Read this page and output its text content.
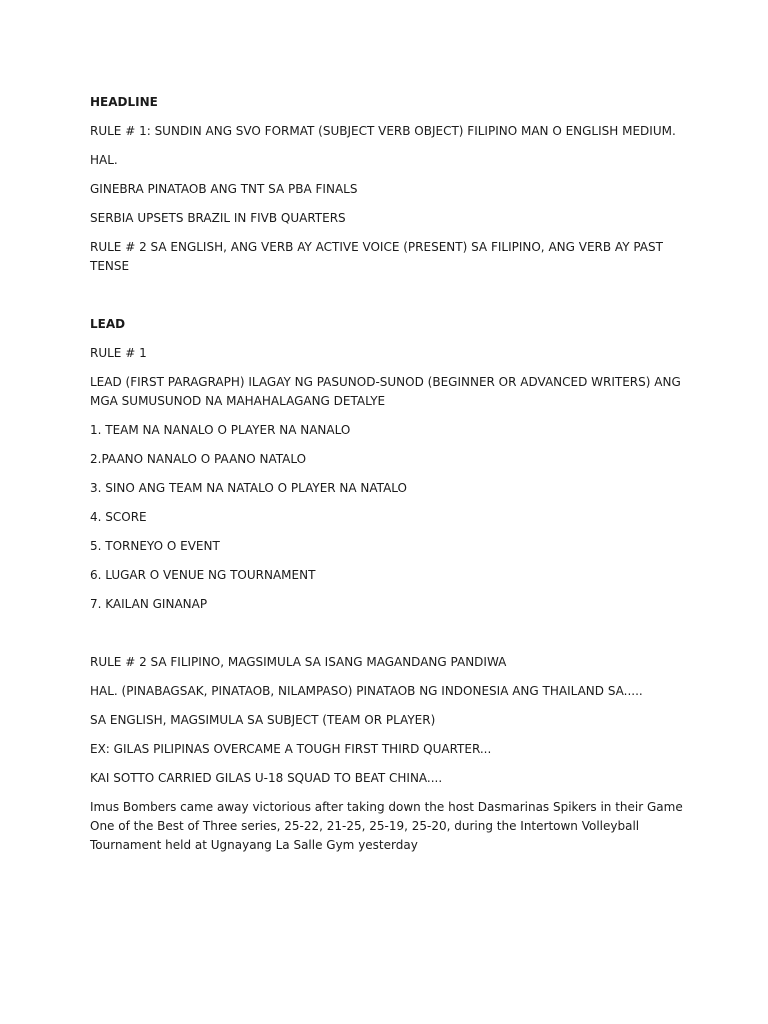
HEADLINE

RULE # 1: SUNDIN ANG SVO FORMAT (SUBJECT VERB OBJECT) FILIPINO MAN O ENGLISH MEDIUM.

HAL.

GINEBRA PINATAOB ANG TNT SA PBA FINALS

SERBIA UPSETS BRAZIL IN FIVB QUARTERS

RULE # 2 SA ENGLISH, ANG VERB AY ACTIVE VOICE (PRESENT) SA FILIPINO, ANG VERB AY PAST TENSE

LEAD

RULE # 1

LEAD (FIRST PARAGRAPH) ILAGAY NG PASUNOD-SUNOD (BEGINNER OR ADVANCED WRITERS) ANG MGA SUMUSUNOD NA MAHAHALAGANG DETALYE

1. TEAM NA NANALO O PLAYER NA NANALO

2.PAANO NANALO O PAANO NATALO

3. SINO ANG TEAM NA NATALO O PLAYER NA NATALO

4. SCORE

5. TORNEYO O EVENT

6. LUGAR O VENUE NG TOURNAMENT

7. KAILAN GINANAP

RULE # 2 SA FILIPINO, MAGSIMULA SA ISANG MAGANDANG PANDIWA

HAL. (PINABAGSAK, PINATAOB, NILAMPASO) PINATAOB NG INDONESIA ANG THAILAND SA.....

SA ENGLISH, MAGSIMULA SA SUBJECT (TEAM OR PLAYER)

EX: GILAS PILIPINAS OVERCAME A TOUGH FIRST THIRD QUARTER...

KAI SOTTO CARRIED GILAS U-18 SQUAD TO BEAT CHINA....

Imus Bombers came away victorious after taking down the host Dasmarinas Spikers in their Game One of the Best of Three series, 25-22, 21-25, 25-19, 25-20, during the Intertown Volleyball Tournament held at Ugnayang La Salle Gym yesterday
